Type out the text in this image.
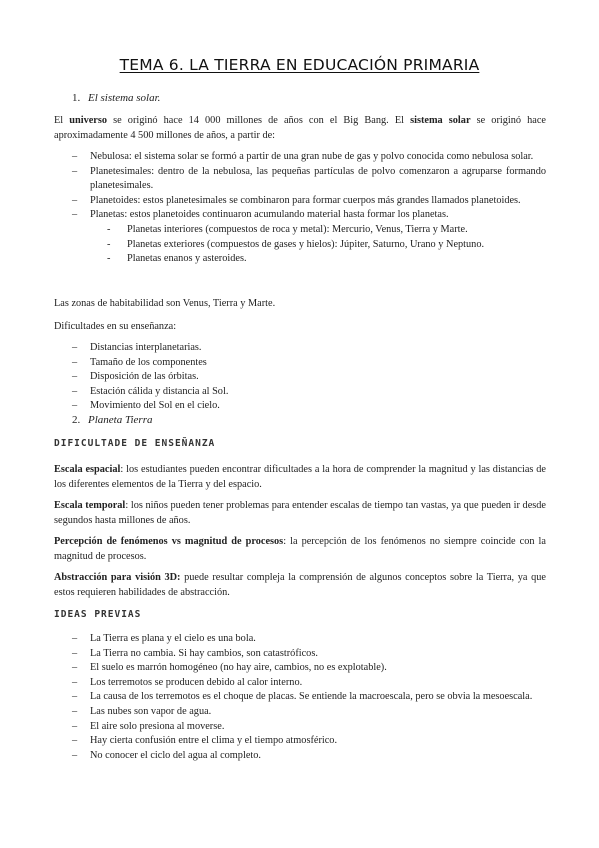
TEMA 6. LA TIERRA EN EDUCACIÓN PRIMARIA
1. El sistema solar.
El universo se originó hace 14 000 millones de años con el Big Bang. El sistema solar se originó hace aproximadamente 4 500 millones de años, a partir de:
– Nebulosa: el sistema solar se formó a partir de una gran nube de gas y polvo conocida como nebulosa solar.
– Planetesimales: dentro de la nebulosa, las pequeñas partículas de polvo comenzaron a agruparse formando planetesimales.
– Planetoides: estos planetesimales se combinaron para formar cuerpos más grandes llamados planetoides.
– Planetas: estos planetoides continuaron acumulando material hasta formar los planetas.
- Planetas interiores (compuestos de roca y metal): Mercurio, Venus, Tierra y Marte.
- Planetas exteriores (compuestos de gases y hielos): Júpiter, Saturno, Urano y Neptuno.
- Planetas enanos y asteroides.
Las zonas de habitabilidad son Venus, Tierra y Marte.
Dificultades en su enseñanza:
– Distancias interplanetarias.
– Tamaño de los componentes
– Disposición de las órbitas.
– Estación cálida y distancia al Sol.
– Movimiento del Sol en el cielo.
2. Planeta Tierra
DIFICULTADE DE ENSEÑANZA
Escala espacial: los estudiantes pueden encontrar dificultades a la hora de comprender la magnitud y las distancias de los diferentes elementos de la Tierra y del espacio.
Escala temporal: los niños pueden tener problemas para entender escalas de tiempo tan vastas, ya que pueden ir desde segundos hasta millones de años.
Percepción de fenómenos vs magnitud de procesos: la percepción de los fenómenos no siempre coincide con la magnitud de procesos.
Abstracción para visión 3D: puede resultar compleja la comprensión de algunos conceptos sobre la Tierra, ya que estos requieren habilidades de abstracción.
IDEAS PREVIAS
– La Tierra es plana y el cielo es una bola.
– La Tierra no cambia. Si hay cambios, son catastróficos.
– El suelo es marrón homogéneo (no hay aire, cambios, no es explotable).
– Los terremotos se producen debido al calor interno.
– La causa de los terremotos es el choque de placas. Se entiende la macroescala, pero se obvia la mesoescala.
– Las nubes son vapor de agua.
– El aire solo presiona al moverse.
– Hay cierta confusión entre el clima y el tiempo atmosférico.
– No conocer el ciclo del agua al completo.
